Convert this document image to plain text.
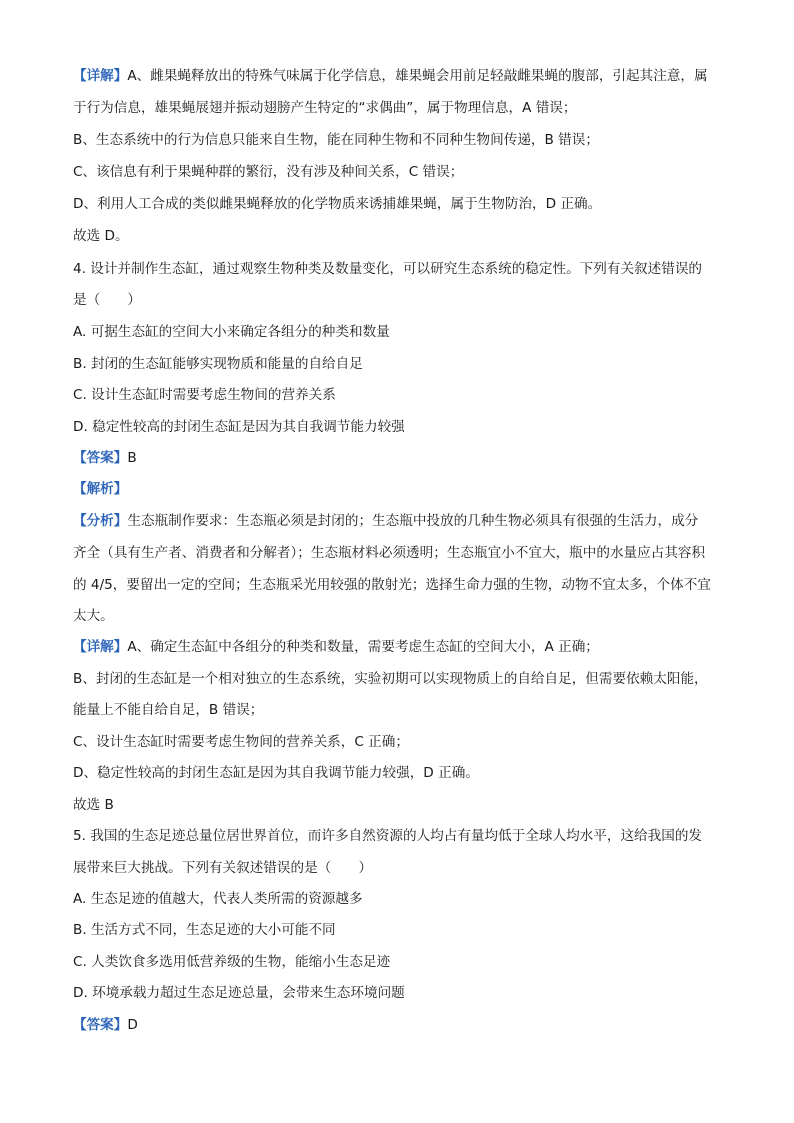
【详解】A、雌果蝇释放出的特殊气味属于化学信息，雄果蝇会用前足轻敲雌果蝇的腹部，引起其注意，属
于行为信息，雄果蝇展翅并振动翅膀产生特定的“求偶曲”，属于物理信息，A 错误；
B、生态系统中的行为信息只能来自生物，能在同种生物和不同种生物间传递，B 错误；
C、该信息有利于果蝇种群的繁衍，没有涉及种间关系，C 错误；
D、利用人工合成的类似雌果蝇释放的化学物质来诱捕雄果蝇，属于生物防治，D 正确。
故选 D。
4. 设计并制作生态缸，通过观察生物种类及数量变化，可以研究生态系统的稳定性。下列有关叙述错误的
是（　　）
A. 可据生态缸的空间大小来确定各组分的种类和数量
B. 封闭的生态缸能够实现物质和能量的自给自足
C. 设计生态缸时需要考虑生物间的营养关系
D. 稳定性较高的封闭生态缸是因为其自我调节能力较强
【答案】B
【解析】
【分析】生态瓶制作要求：生态瓶必须是封闭的；生态瓶中投放的几种生物必须具有很强的生活力，成分
齐全（具有生产者、消费者和分解者）；生态瓶材料必须透明；生态瓶宜小不宜大，瓶中的水量应占其容积
的 4/5，要留出一定的空间；生态瓶采光用较强的散射光；选择生命力强的生物，动物不宜太多，个体不宜
太大。
【详解】A、确定生态缸中各组分的种类和数量，需要考虑生态缸的空间大小，A 正确；
B、封闭的生态缸是一个相对独立的生态系统，实验初期可以实现物质上的自给自足，但需要依赖太阳能，
能量上不能自给自足，B 错误；
C、设计生态缸时需要考虑生物间的营养关系，C 正确；
D、稳定性较高的封闭生态缸是因为其自我调节能力较强，D 正确。
故选 B
5. 我国的生态足迹总量位居世界首位，而许多自然资源的人均占有量均低于全球人均水平，这给我国的发
展带来巨大挑战。下列有关叙述错误的是（　　）
A. 生态足迹的值越大，代表人类所需的资源越多
B. 生活方式不同，生态足迹的大小可能不同
C. 人类饮食多选用低营养级的生物，能缩小生态足迹
D. 环境承载力超过生态足迹总量，会带来生态环境问题
【答案】D
